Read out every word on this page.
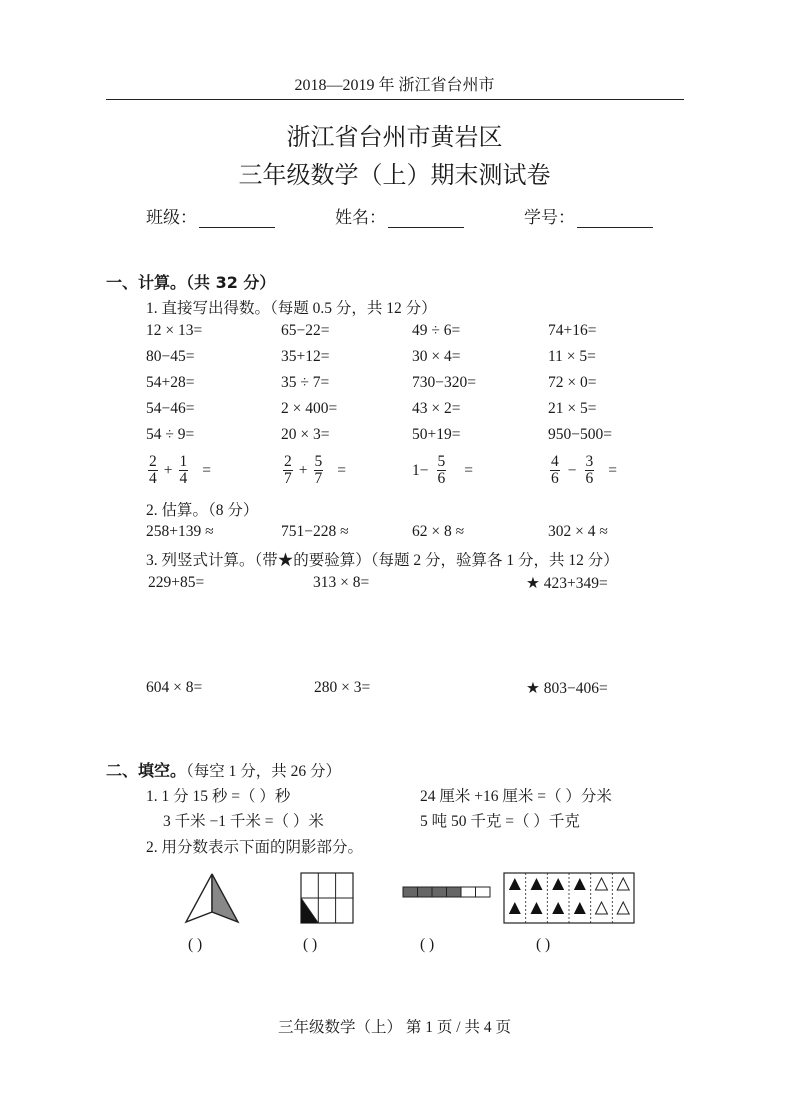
2018—2019 年 浙江省台州市
浙江省台州市黄岩区
三年级数学（上）期末测试卷
班级：	姓名：	学号：
一、计算。（共 32 分）
1. 直接写出得数。（每题 0.5 分，共 12 分）
12 × 13=	65−22=	49 ÷ 6=	74+16=
80−45=	35+12=	30 × 4=	11 × 5=
54+28=	35 ÷ 7=	730−320=	72 × 0=
54−46=	2 × 400=	43 × 2=	21 × 5=
54 ÷ 9=	20 × 3=	50+19=	950−500=
$\frac{2}{4} + \frac{1}{4}$ =	$\frac{2}{7} + \frac{5}{7}$ =	$1- \frac{5}{6}$ =	$\frac{4}{6} - \frac{3}{6}$ =
2. 估算。（8 分）
258+139 ≈	751−228 ≈	62 × 8 ≈	302 × 4 ≈
3. 列竖式计算。（带★的要验算）（每题 2 分，验算各 1 分，共 12 分）
229+85=	313 × 8=	★ 423+349=
604 × 8=	280 × 3=	★ 803−406=
二、填空。（每空 1 分，共 26 分）
1. 1 分 15 秒 =（ ）秒	24 厘米 +16 厘米 =（ ）分米
3 千米 −1 千米 =（ ）米	5 吨 50 千克 =（ ）千克
2. 用分数表示下面的阴影部分。
( )	( )	( )	( )
三年级数学（上） 第 1 页 / 共 4 页
